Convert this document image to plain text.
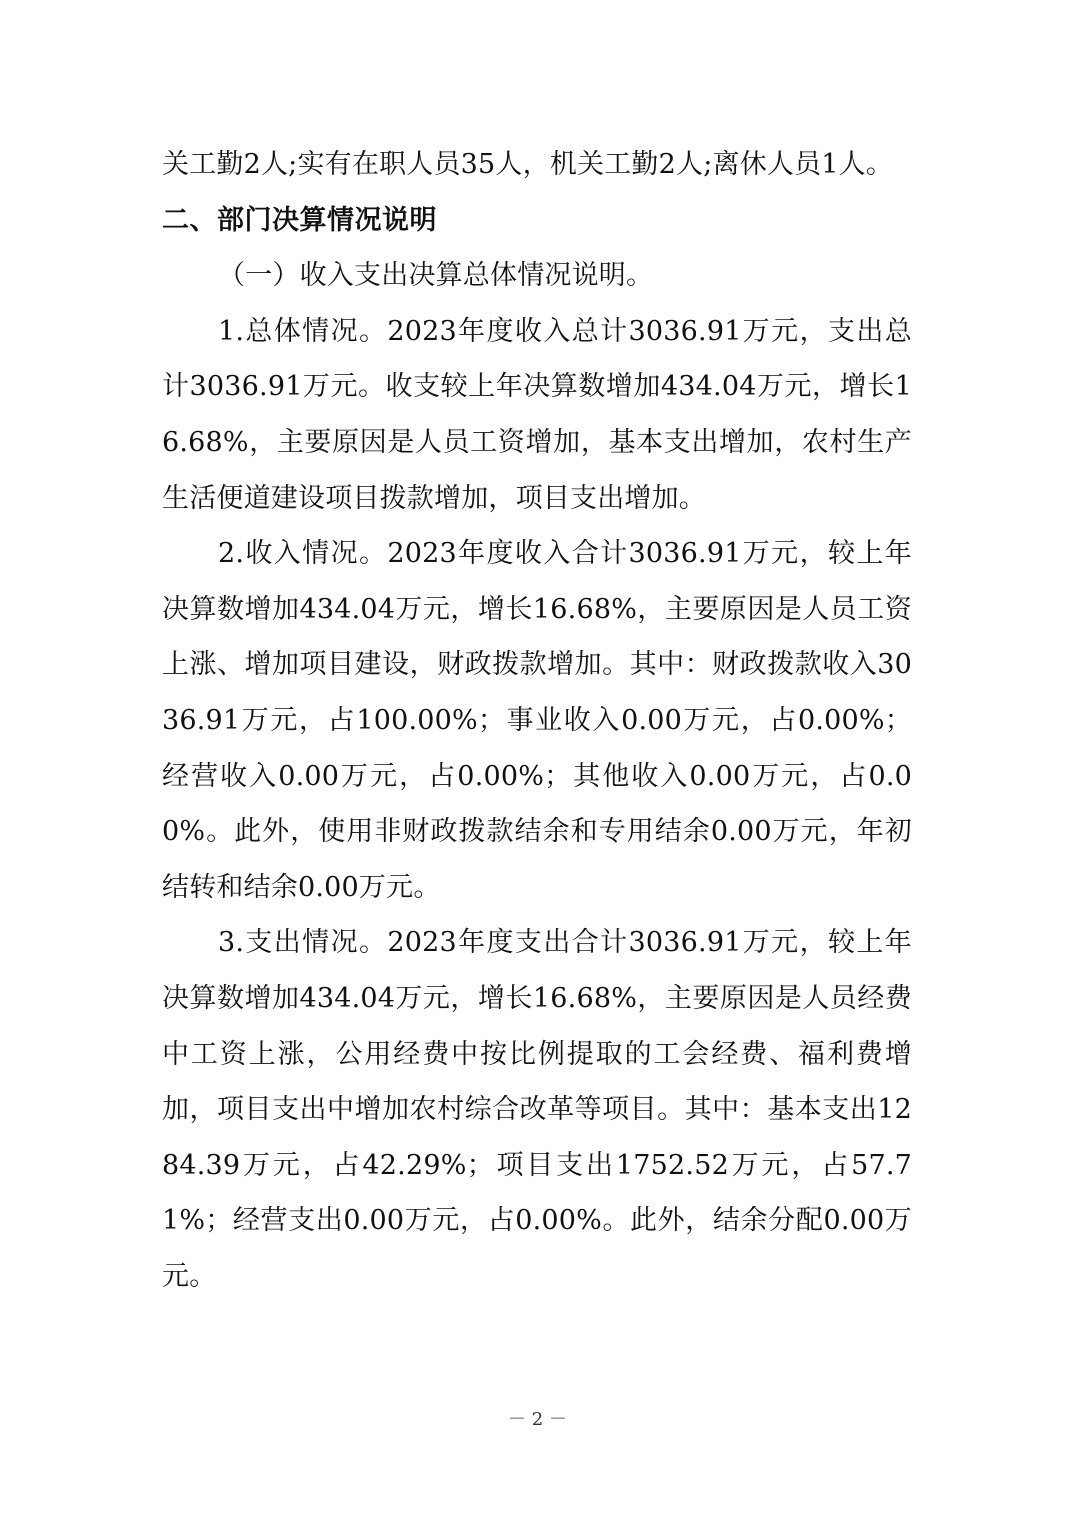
关工勤2人;实有在职人员35人，机关工勤2人;离休人员1人。

二、部门决算情况说明

（一）收入支出决算总体情况说明。

1.总体情况。2023年度收入总计3036.91万元，支出总计3036.91万元。收支较上年决算数增加434.04万元，增长16.68%，主要原因是人员工资增加，基本支出增加，农村生产生活便道建设项目拨款增加，项目支出增加。

2.收入情况。2023年度收入合计3036.91万元，较上年决算数增加434.04万元，增长16.68%，主要原因是人员工资上涨、增加项目建设，财政拨款增加。其中：财政拨款收入3036.91万元，占100.00%；事业收入0.00万元，占0.00%；经营收入0.00万元，占0.00%；其他收入0.00万元，占0.00%。此外，使用非财政拨款结余和专用结余0.00万元，年初结转和结余0.00万元。

3.支出情况。2023年度支出合计3036.91万元，较上年决算数增加434.04万元，增长16.68%，主要原因是人员经费中工资上涨，公用经费中按比例提取的工会经费、福利费增加，项目支出中增加农村综合改革等项目。其中：基本支出1284.39万元，占42.29%；项目支出1752.52万元，占57.71%；经营支出0.00万元，占0.00%。此外，结余分配0.00万元。

－ 2 －
